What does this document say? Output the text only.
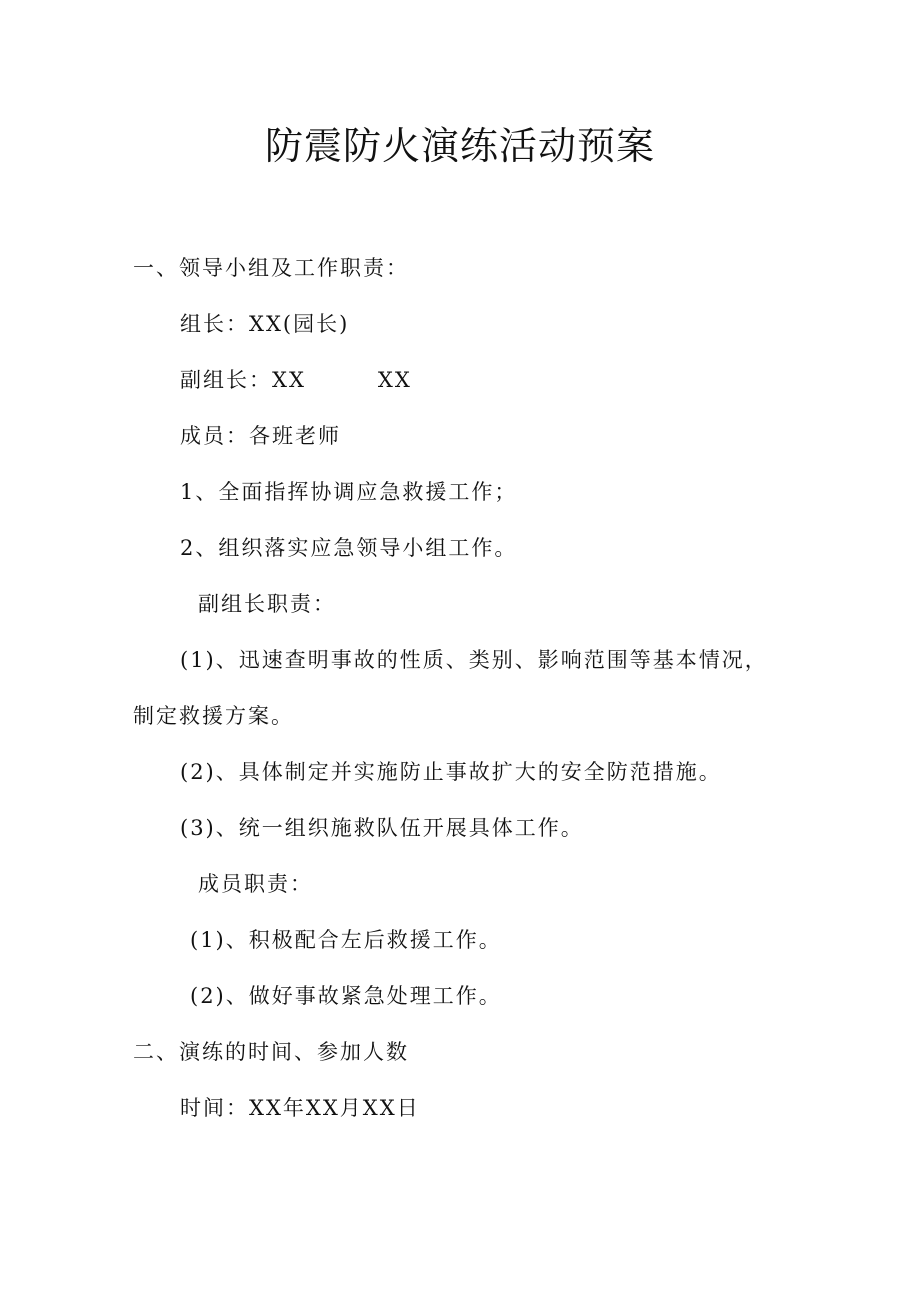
防震防火演练活动预案

一、领导小组及工作职责：

组长：XX(园长)

副组长：XX	XX

成员：各班老师

1、全面指挥协调应急救援工作；

2、组织落实应急领导小组工作。

副组长职责：

(1)、迅速查明事故的性质、类别、影响范围等基本情况，

制定救援方案。

(2)、具体制定并实施防止事故扩大的安全防范措施。

(3)、统一组织施救队伍开展具体工作。

成员职责：

(1)、积极配合左后救援工作。

(2)、做好事故紧急处理工作。

二、演练的时间、参加人数

时间：XX年XX月XX日
